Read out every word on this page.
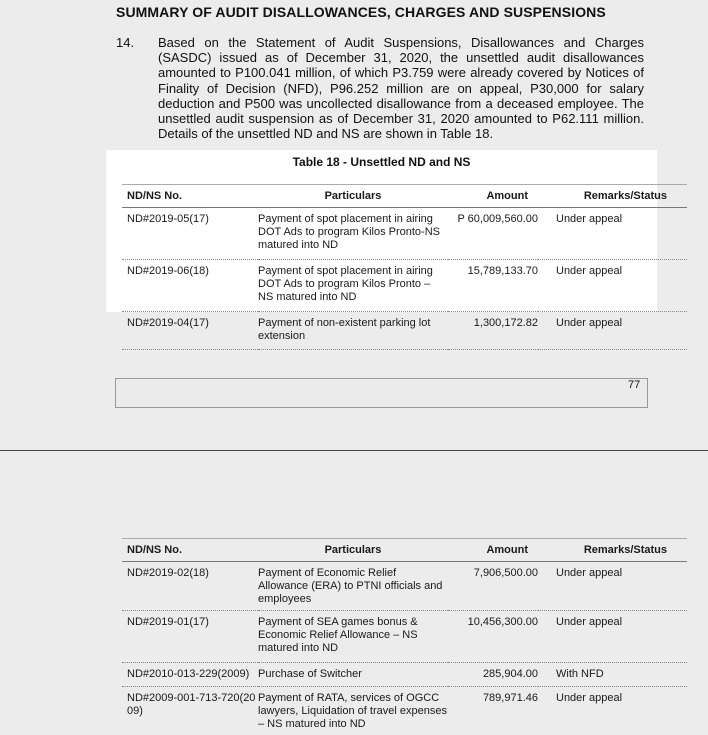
SUMMARY OF AUDIT DISALLOWANCES, CHARGES AND SUSPENSIONS
14. Based on the Statement of Audit Suspensions, Disallowances and Charges (SASDC) issued as of December 31, 2020, the unsettled audit disallowances amounted to P100.041 million, of which P3.759 were already covered by Notices of Finality of Decision (NFD), P96.252 million are on appeal, P30,000 for salary deduction and P500 was uncollected disallowance from a deceased employee. The unsettled audit suspension as of December 31, 2020 amounted to P62.111 million. Details of the unsettled ND and NS are shown in Table 18.
Table 18 - Unsettled ND and NS
ND/NS No.	Particulars	Amount	Remarks/Status
ND#2019-05(17)	Payment of spot placement in airing DOT Ads to program Kilos Pronto-NS matured into ND	P 60,009,560.00	Under appeal
ND#2019-06(18)	Payment of spot placement in airing DOT Ads to program Kilos Pronto – NS matured into ND	15,789,133.70	Under appeal
ND#2019-04(17)	Payment of non-existent parking lot extension	1,300,172.82	Under appeal
77
ND/NS No.	Particulars	Amount	Remarks/Status
ND#2019-02(18)	Payment of Economic Relief Allowance (ERA) to PTNI officials and employees	7,906,500.00	Under appeal
ND#2019-01(17)	Payment of SEA games bonus & Economic Relief Allowance – NS matured into ND	10,456,300.00	Under appeal
ND#2010-013-229(2009)	Purchase of Switcher	285,904.00	With NFD
ND#2009-001-713-720(2009)	Payment of RATA, services of OGCC lawyers, Liquidation of travel expenses – NS matured into ND	789,971.46	Under appeal
